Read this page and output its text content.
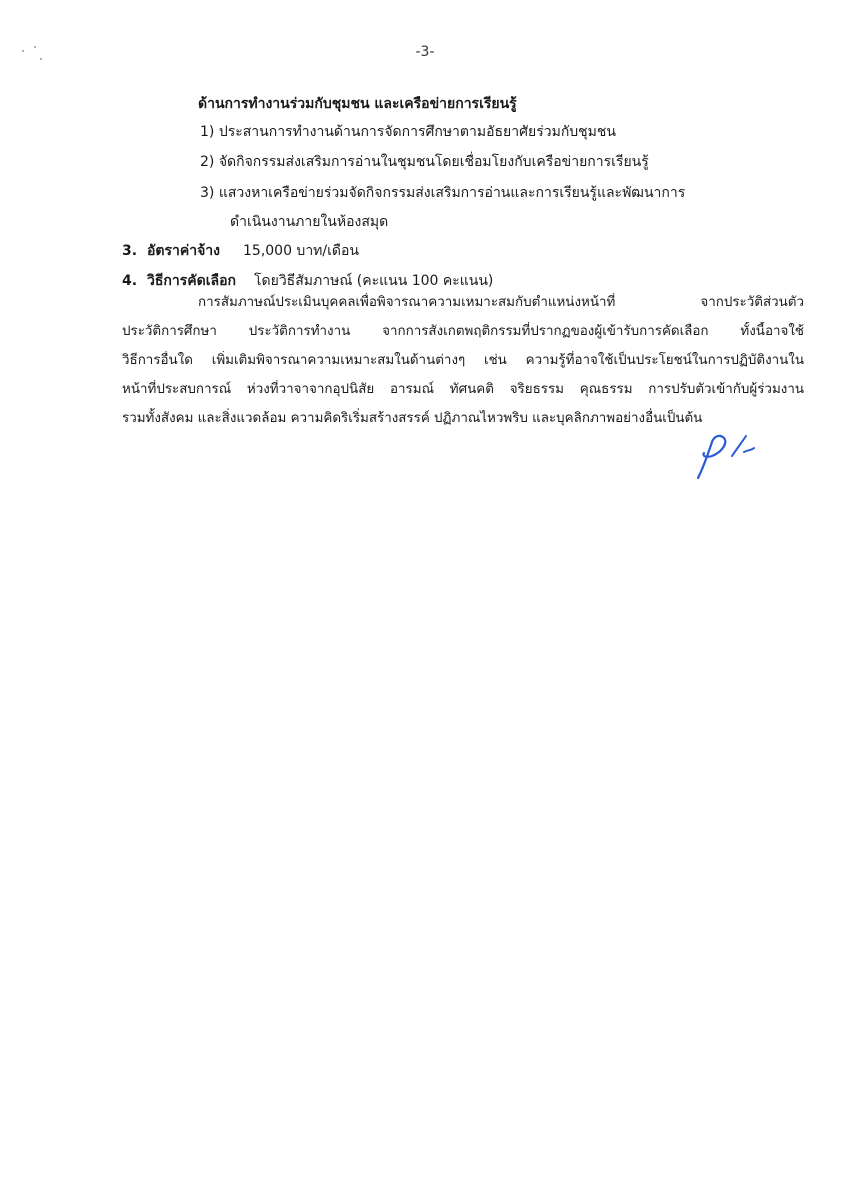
-3-
ด้านการทำงานร่วมกับชุมชน และเครือข่ายการเรียนรู้
1) ประสานการทำงานด้านการจัดการศึกษาตามอัธยาศัยร่วมกับชุมชน
2) จัดกิจกรรมส่งเสริมการอ่านในชุมชนโดยเชื่อมโยงกับเครือข่ายการเรียนรู้
3) แสวงหาเครือข่ายร่วมจัดกิจกรรมส่งเสริมการอ่านและการเรียนรู้และพัฒนาการ
ดำเนินงานภายในห้องสมุด
3. อัตราค่าจ้าง 15,000 บาท/เดือน
4. วิธีการคัดเลือก โดยวิธีสัมภาษณ์ (คะแนน 100 คะแนน)
การสัมภาษณ์ประเมินบุคคลเพื่อพิจารณาความเหมาะสมกับตำแหน่งหน้าที่ จากประวัติส่วนตัว
ประวัติการศึกษา ประวัติการทำงาน จากการสังเกตพฤติกรรมที่ปรากฏของผู้เข้ารับการคัดเลือก ทั้งนี้อาจใช้
วิธีการอื่นใด เพิ่มเติมพิจารณาความเหมาะสมในด้านต่างๆ เช่น ความรู้ที่อาจใช้เป็นประโยชน์ในการปฏิบัติงานใน
หน้าที่ประสบการณ์ ห่วงที่วาจาจากอุปนิสัย อารมณ์ ทัศนคติ จริยธรรม คุณธรรม การปรับตัวเข้ากับผู้ร่วมงาน
รวมทั้งสังคม และสิ่งแวดล้อม ความคิดริเริ่มสร้างสรรค์ ปฏิภาณไหวพริบ และบุคลิกภาพอย่างอื่นเป็นต้น
